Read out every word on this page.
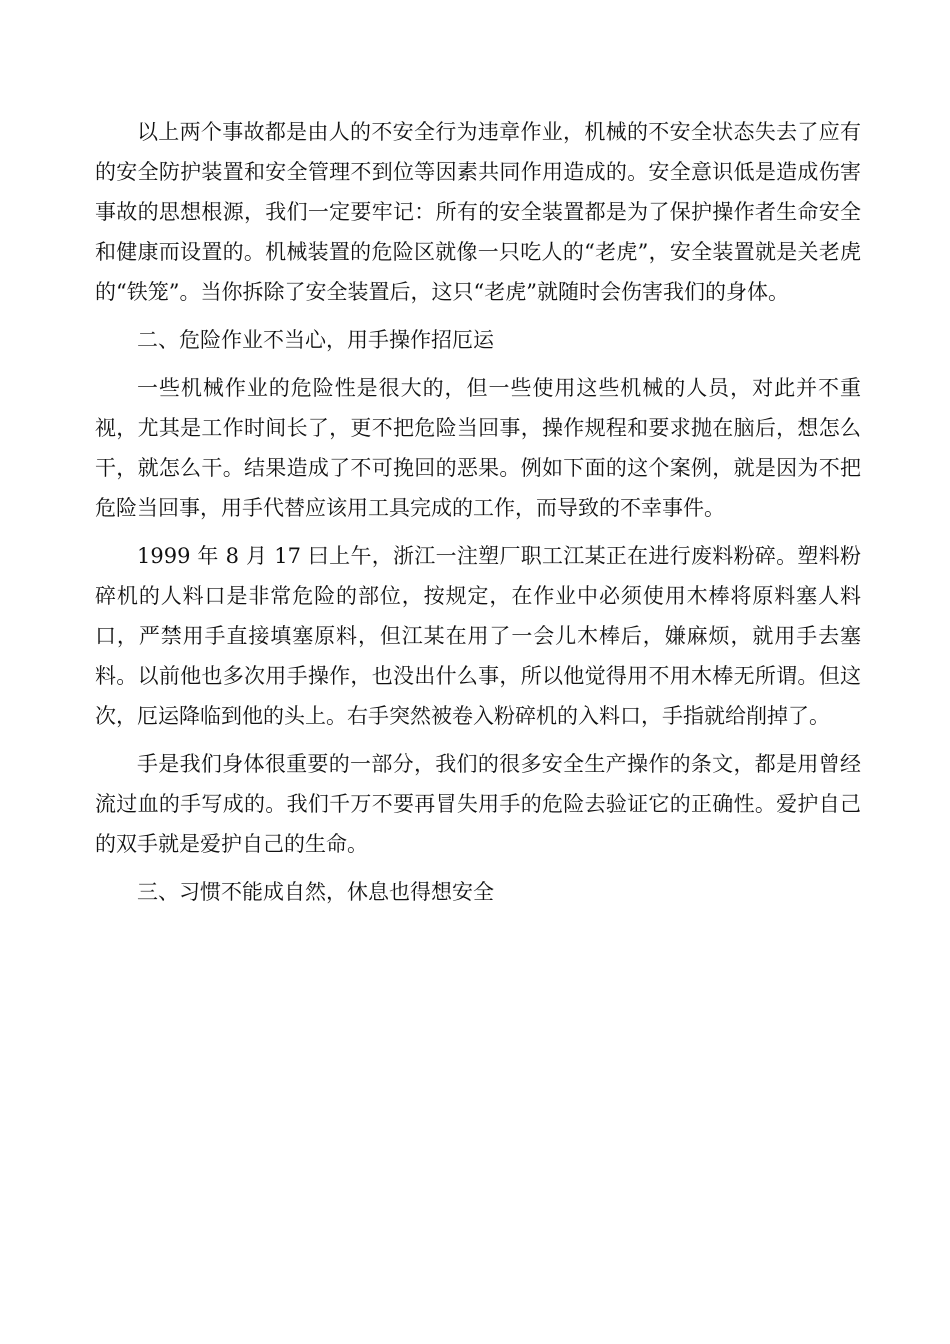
以上两个事故都是由人的不安全行为违章作业，机械的不安全状态失去了应有的安全防护装置和安全管理不到位等因素共同作用造成的。安全意识低是造成伤害事故的思想根源，我们一定要牢记：所有的安全装置都是为了保护操作者生命安全和健康而设置的。机械装置的危险区就像一只吃人的“老虎”，安全装置就是关老虎的“铁笼”。当你拆除了安全装置后，这只“老虎”就随时会伤害我们的身体。

二、危险作业不当心，用手操作招厄运

一些机械作业的危险性是很大的，但一些使用这些机械的人员，对此并不重视，尤其是工作时间长了，更不把危险当回事，操作规程和要求抛在脑后，想怎么干，就怎么干。结果造成了不可挽回的恶果。例如下面的这个案例，就是因为不把危险当回事，用手代替应该用工具完成的工作，而导致的不幸事件。

1999 年 8 月 17 曰上午，浙江一注塑厂职工江某正在进行废料粉碎。塑料粉碎机的人料口是非常危险的部位，按规定，在作业中必须使用木棒将原料塞人料口，严禁用手直接填塞原料，但江某在用了一会儿木棒后，嫌麻烦，就用手去塞料。以前他也多次用手操作，也没出什么事，所以他觉得用不用木棒无所谓。但这次，厄运降临到他的头上。右手突然被卷入粉碎机的入料口，手指就给削掉了。

手是我们身体很重要的一部分，我们的很多安全生产操作的条文，都是用曾经流过血的手写成的。我们千万不要再冒失用手的危险去验证它的正确性。爱护自己的双手就是爱护自己的生命。

三、习惯不能成自然，休息也得想安全
